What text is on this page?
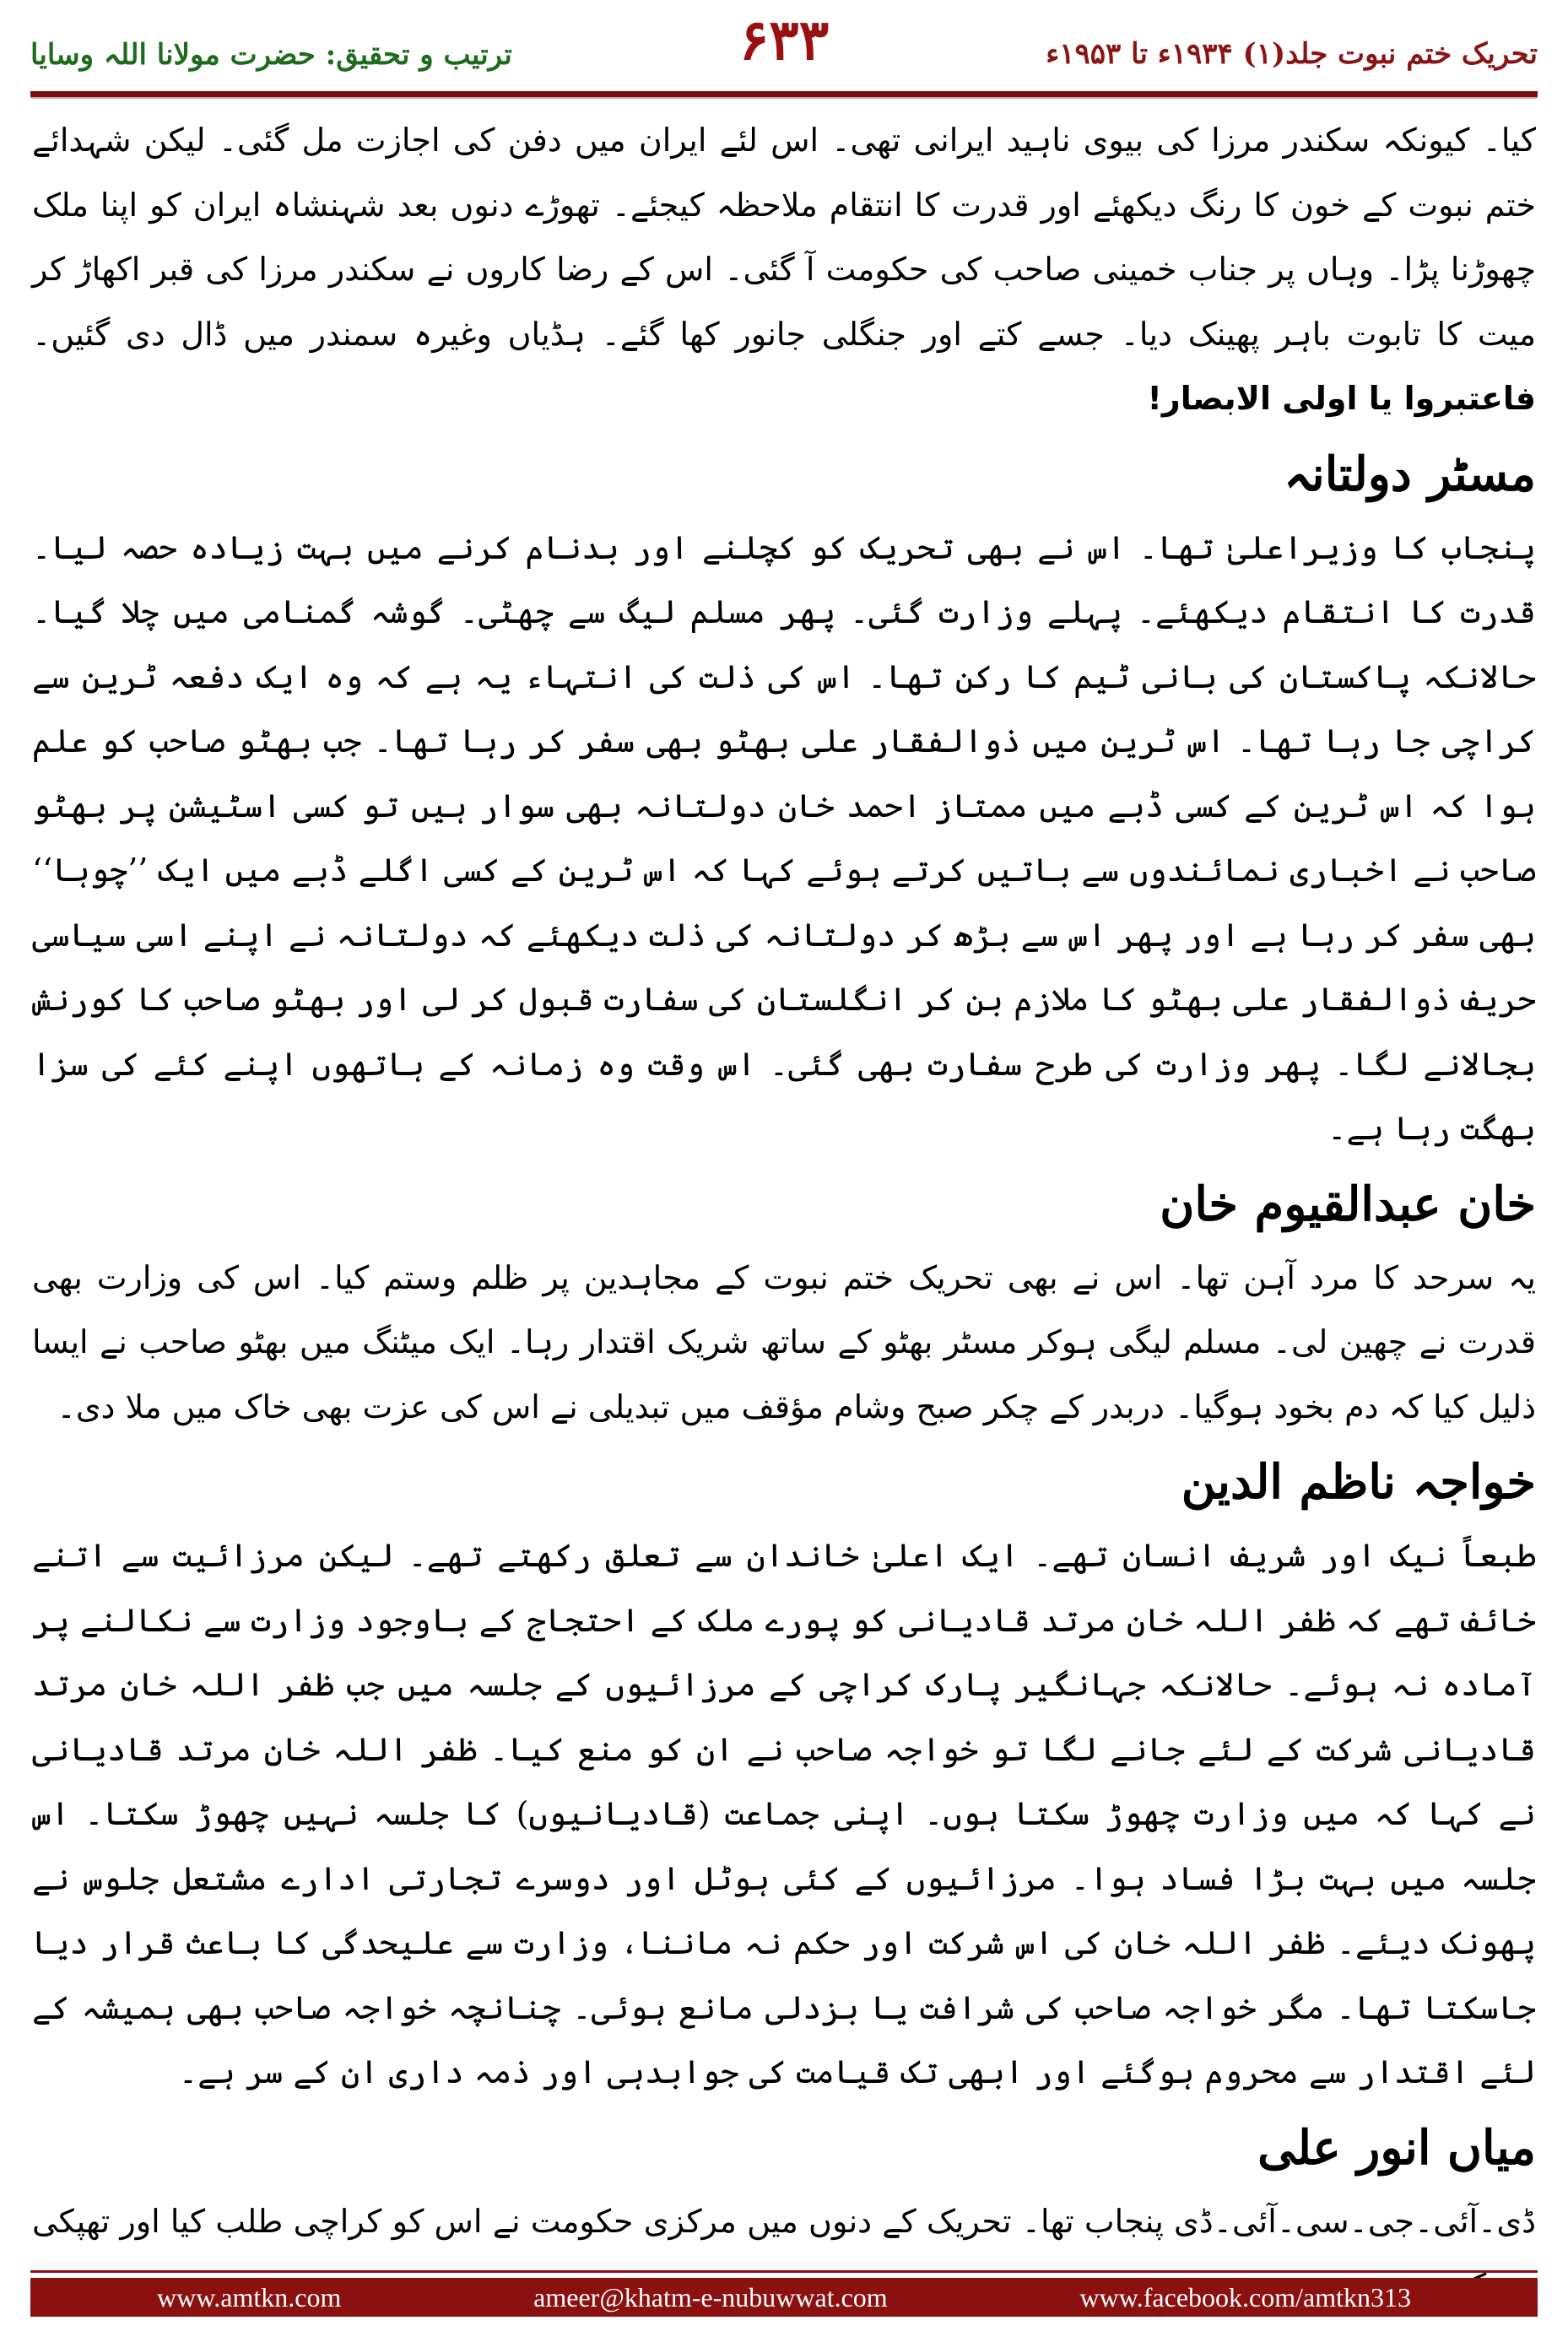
تحریک ختم نبوت جلد(۱) ۱۹۳۴ء تا ۱۹۵۳ء
۶۳۳
ترتیب و تحقیق: حضرت مولانا اللہ وسایا

کیا۔ کیونکہ سکندر مرزا کی بیوی ناہید ایرانی تھی۔ اس لئے ایران میں دفن کی اجازت مل گئی۔ لیکن شہدائے ختم نبوت کے خون کا رنگ دیکھئے اور قدرت کا انتقام ملاحظہ کیجئے۔ تھوڑے دنوں بعد شہنشاہ ایران کو اپنا ملک چھوڑنا پڑا۔ وہاں پر جناب خمینی صاحب کی حکومت آ گئی۔ اس کے رضا کاروں نے سکندر مرزا کی قبر اکھاڑ کر میت کا تابوت باہر پھینک دیا۔ جسے کتے اور جنگلی جانور کھا گئے۔ ہڈیاں وغیرہ سمندر میں ڈال دی گئیں۔ فاعتبروا یا اولی الابصار!

مسٹر دولتانہ

پنجاب کا وزیراعلیٰ تھا۔ اس نے بھی تحریک کو کچلنے اور بدنام کرنے میں بہت زیادہ حصہ لیا۔ قدرت کا انتقام دیکھئے۔ پہلے وزارت گئی۔ پھر مسلم لیگ سے چھٹی۔ گوشہ گمنامی میں چلا گیا۔ حالانکہ پاکستان کی بانی ٹیم کا رکن تھا۔ اس کی ذلت کی انتہاء یہ ہے کہ وہ ایک دفعہ ٹرین سے کراچی جا رہا تھا۔ اس ٹرین میں ذوالفقار علی بھٹو بھی سفر کر رہا تھا۔ جب بھٹو صاحب کو علم ہوا کہ اس ٹرین کے کسی ڈبے میں ممتاز احمد خان دولتانہ بھی سوار ہیں تو کسی اسٹیشن پر بھٹو صاحب نے اخباری نمائندوں سے باتیں کرتے ہوئے کہا کہ اس ٹرین کے کسی اگلے ڈبے میں ایک ’’چوہا‘‘ بھی سفر کر رہا ہے اور پھر اس سے بڑھ کر دولتانہ کی ذلت دیکھئے کہ دولتانہ نے اپنے اسی سیاسی حریف ذوالفقار علی بھٹو کا ملازم بن کر انگلستان کی سفارت قبول کر لی اور بھٹو صاحب کا کورنش بجالانے لگا۔ پھر وزارت کی طرح سفارت بھی گئی۔ اس وقت وہ زمانہ کے ہاتھوں اپنے کئے کی سزا بھگت رہا ہے۔

خان عبدالقیوم خان

یہ سرحد کا مرد آہن تھا۔ اس نے بھی تحریک ختم نبوت کے مجاہدین پر ظلم وستم کیا۔ اس کی وزارت بھی قدرت نے چھین لی۔ مسلم لیگی ہوکر مسٹر بھٹو کے ساتھ شریک اقتدار رہا۔ ایک میٹنگ میں بھٹو صاحب نے ایسا ذلیل کیا کہ دم بخود ہوگیا۔ دربدر کے چکر صبح وشام مؤقف میں تبدیلی نے اس کی عزت بھی خاک میں ملا دی۔

خواجہ ناظم الدین

طبعاً نیک اور شریف انسان تھے۔ ایک اعلیٰ خاندان سے تعلق رکھتے تھے۔ لیکن مرزائیت سے اتنے خائف تھے کہ ظفر اللہ خان مرتد قادیانی کو پورے ملک کے احتجاج کے باوجود وزارت سے نکالنے پر آمادہ نہ ہوئے۔ حالانکہ جہانگیر پارک کراچی کے مرزائیوں کے جلسہ میں جب ظفر اللہ خان مرتد قادیانی شرکت کے لئے جانے لگا تو خواجہ صاحب نے ان کو منع کیا۔ ظفر اللہ خان مرتد قادیانی نے کہا کہ میں وزارت چھوڑ سکتا ہوں۔ اپنی جماعت (قادیانیوں) کا جلسہ نہیں چھوڑ سکتا۔ اس جلسہ میں بہت بڑا فساد ہوا۔ مرزائیوں کے کئی ہوٹل اور دوسرے تجارتی ادارے مشتعل جلوس نے پھونک دیئے۔ ظفر اللہ خان کی اس شرکت اور حکم نہ ماننا، وزارت سے علیحدگی کا باعث قرار دیا جاسکتا تھا۔ مگر خواجہ صاحب کی شرافت یا بزدلی مانع ہوئی۔ چنانچہ خواجہ صاحب بھی ہمیشہ کے لئے اقتدار سے محروم ہوگئے اور ابھی تک قیامت کی جوابدہی اور ذمہ داری ان کے سر ہے۔

میاں انور علی

ڈی۔آئی۔جی۔سی۔آئی۔ڈی پنجاب تھا۔ تحریک کے دنوں میں مرکزی حکومت نے اس کو کراچی طلب کیا اور تھپکی

www.amtkn.com	ameer@khatm-e-nubuwwat.com	www.facebook.com/amtkn313
